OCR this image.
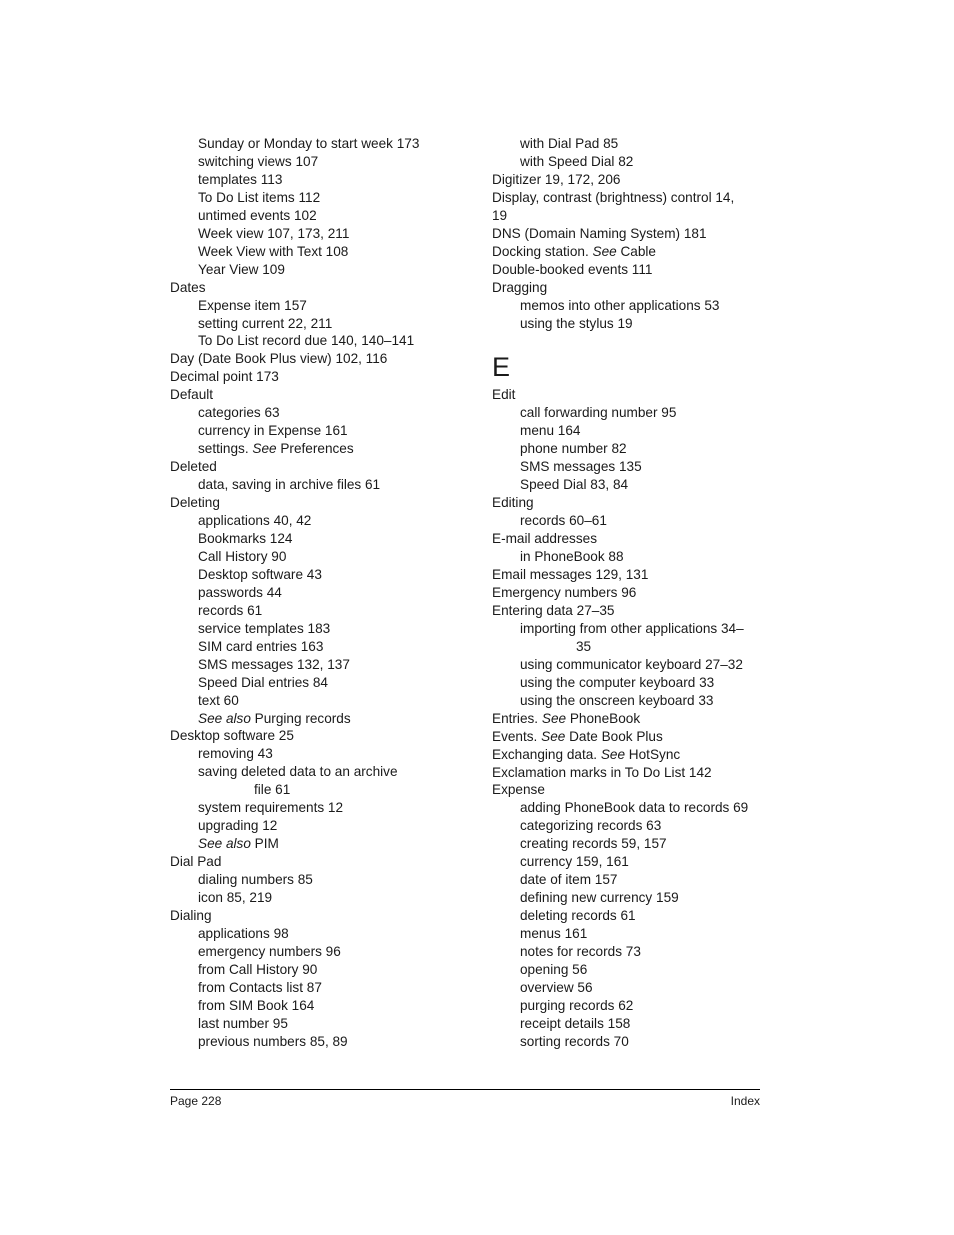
Sunday or Monday to start week 173
switching views 107
templates 113
To Do List items 112
untimed events 102
Week view 107, 173, 211
Week View with Text 108
Year View 109
Dates
Expense item 157
setting current 22, 211
To Do List record due 140, 140–141
Day (Date Book Plus view) 102, 116
Decimal point 173
Default
categories 63
currency in Expense 161
settings. See Preferences
Deleted
data, saving in archive files 61
Deleting
applications 40, 42
Bookmarks 124
Call History 90
Desktop software 43
passwords 44
records 61
service templates 183
SIM card entries 163
SMS messages 132, 137
Speed Dial entries 84
text 60
See also Purging records
Desktop software 25
removing 43
saving deleted data to an archive
file 61
system requirements 12
upgrading 12
See also PIM
Dial Pad
dialing numbers 85
icon 85, 219
Dialing
applications 98
emergency numbers 96
from Call History 90
from Contacts list 87
from SIM Book 164
last number 95
previous numbers 85, 89
with Dial Pad 85
with Speed Dial 82
Digitizer 19, 172, 206
Display, contrast (brightness) control 14,
19
DNS (Domain Naming System) 181
Docking station. See Cable
Double-booked events 111
Dragging
memos into other applications 53
using the stylus 19
E
Edit
call forwarding number 95
menu 164
phone number 82
SMS messages 135
Speed Dial 83, 84
Editing
records 60–61
E-mail addresses
in PhoneBook 88
Email messages 129, 131
Emergency numbers 96
Entering data 27–35
importing from other applications 34–
35
using communicator keyboard 27–32
using the computer keyboard 33
using the onscreen keyboard 33
Entries. See PhoneBook
Events. See Date Book Plus
Exchanging data. See HotSync
Exclamation marks in To Do List 142
Expense
adding PhoneBook data to records 69
categorizing records 63
creating records 59, 157
currency 159, 161
date of item 157
defining new currency 159
deleting records 61
menus 161
notes for records 73
opening 56
overview 56
purging records 62
receipt details 158
sorting records 70
Page 228	Index
